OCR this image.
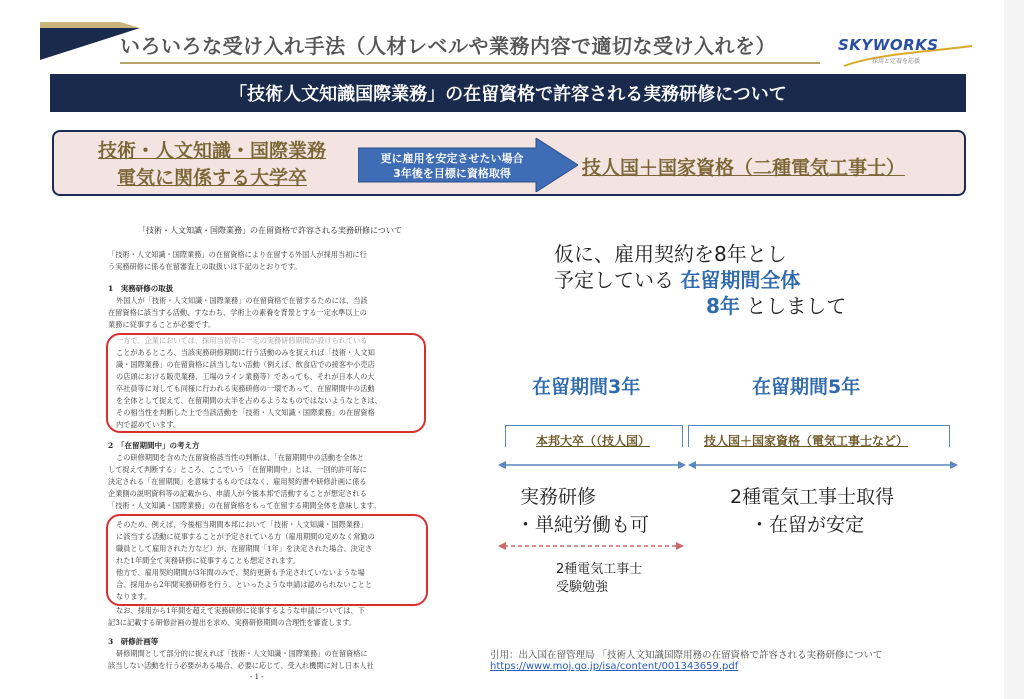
いろいろな受け入れ手法（人材レベルや業務内容で適切な受け入れを）	SKYWORKS
採用と定着を応援
「技術人文知識国際業務」の在留資格で許容される実務研修について
技術・人文知識・国際業務
電気に関係する大学卒
更に雇用を安定させたい場合
3年後を目標に資格取得	技人国＋国家資格（二種電気工事士）
「技術・人文知識・国際業務」の在留資格で許容される実務研修について
「技術・人文知識・国際業務」の在留資格により在留する外国人が採用当初に行
う実務研修に係る在留審査上の取扱いは下記のとおりです。
1　実務研修の取扱
外国人が「技術・人文知識・国際業務」の在留資格で在留するためには、当該
在留資格に該当する活動、すなわち、学術上の素養を背景とする一定水準以上の
業務に従事することが必要です。
一方で、企業においては、採用当初等に一定の実務研修期間が設けられている
ことがあるところ、当該実務研修期間に行う活動のみを捉えれば「技術・人文知
識・国際業務」の在留資格に該当しない活動（例えば、飲食店での接客や小売店
の店頭における販売業務、工場のライン業務等）であっても、それが日本人の大
卒社員等に対しても同様に行われる実務研修の一環であって、在留期間中の活動
を全体として捉えて、在留期間の大半を占めるようなものではないようなときは、
その相当性を判断した上で当該活動を「技術・人文知識・国際業務」の在留資格
内で認めています。
2　「在留期間中」の考え方
この研修期間を含めた在留資格該当性の判断は、「在留期間中の活動を全体と
して捉えて判断する」ところ、ここでいう「在留期間中」とは、一回的許可毎に
決定される「在留期間」を意味するものではなく、雇用契約書や研修計画に係る
企業側の説明資料等の記載から、申請人が今後本邦で活動することが想定される
「技術・人文知識・国際業務」の在留資格をもって在留する期間全体を意味します。
そのため、例えば、今後相当期間本邦において「技術・人文知識・国際業務」
に該当する活動に従事することが予定されている方（雇用期間の定めなく常勤の
職員として雇用された方など）が、在留期間「1年」を決定された場合、決定さ
れた1年間全て実務研修に従事することも想定されます。
他方で、雇用契約期間が3年間のみで、契約更新も予定されていないような場
合、採用から2年間実務研修を行う、といったような申請は認められないことと
なります。
なお、採用から1年間を超えて実務研修に従事するような申請については、下
記3に記載する研修計画の提出を求め、実務研修期間の合理性を審査します。
3　研修計画等
研修期間として部分的に捉えれば「技術・人文知識・国際業務」の在留資格に
該当しない活動を行う必要がある場合、必要に応じて、受入れ機関に対し日本人社
- 1 -
仮に、雇用契約を8年とし
予定している 在留期間全体
8年 としまして
在留期間3年	在留期間5年
本邦大卒（（技人国）	技人国＋国家資格（電気工事士など）
実務研修
・単純労働も可
2種電気工事士取得
・在留が安定
2種電気工事士
受験勉強
引用：出入国在留管理局 「技術人文知識国際用務の在留資格で許容される実務研修について
https://www.moj.go.jp/isa/content/001343659.pdf
